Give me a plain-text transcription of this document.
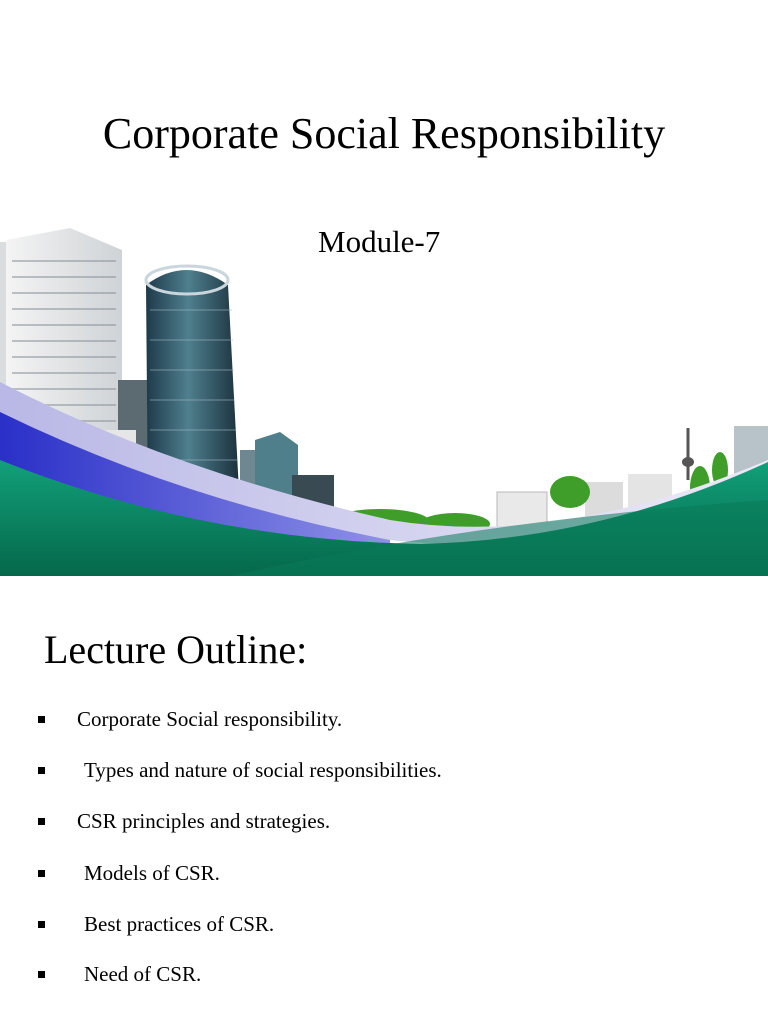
Corporate Social Responsibility

Module-7

Lecture Outline:
Corporate Social responsibility.
Types and nature of social responsibilities.
CSR principles and strategies.
Models of CSR.
Best practices of CSR.
Need of CSR.
